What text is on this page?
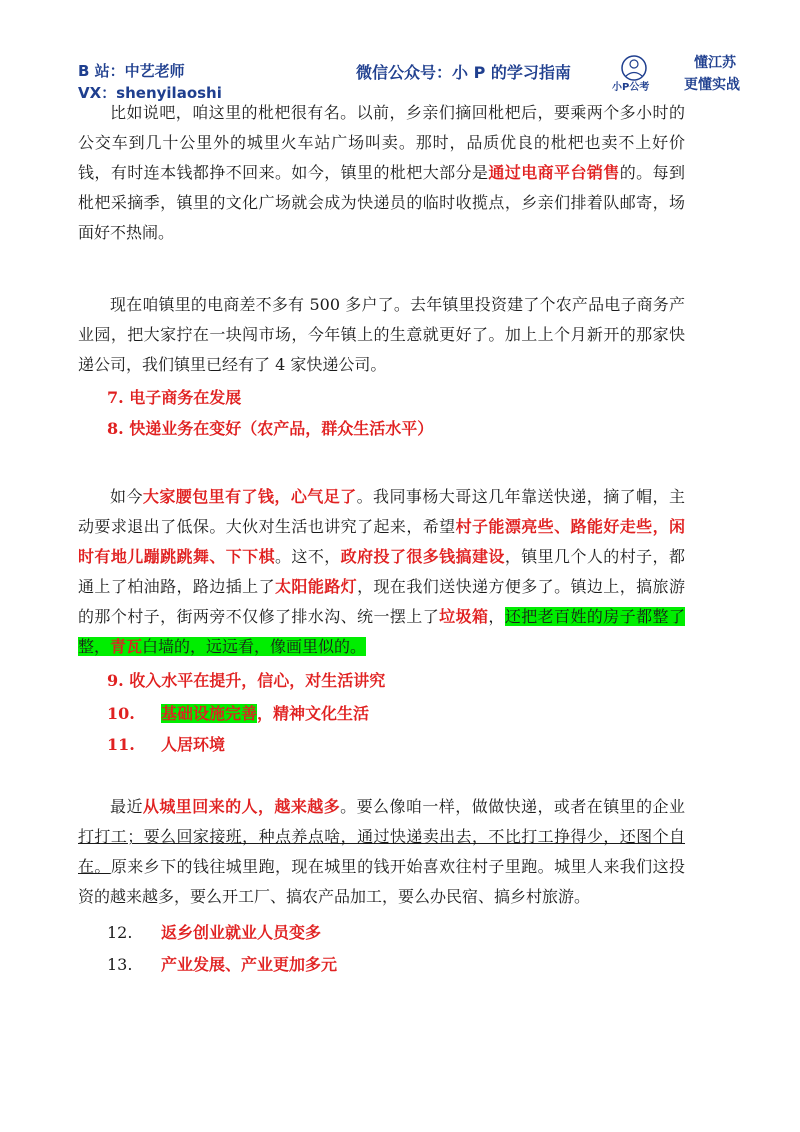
B 站：中艺老师
VX：shenyilaoshi
微信公众号：小 P 的学习指南
小P公考
懂江苏
更懂实战
比如说吧，咱这里的枇杷很有名。以前，乡亲们摘回枇杷后，要乘两个多小时的公交车到几十公里外的城里火车站广场叫卖。那时，品质优良的枇杷也卖不上好价钱，有时连本钱都挣不回来。如今，镇里的枇杷大部分是通过电商平台销售的。每到枇杷采摘季，镇里的文化广场就会成为快递员的临时收揽点，乡亲们排着队邮寄，场面好不热闹。
现在咱镇里的电商差不多有 500 多户了。去年镇里投资建了个农产品电子商务产业园，把大家拧在一块闯市场，今年镇上的生意就更好了。加上上个月新开的那家快递公司，我们镇里已经有了 4 家快递公司。
7. 电子商务在发展
8. 快递业务在变好（农产品，群众生活水平）
如今大家腰包里有了钱，心气足了。我同事杨大哥这几年靠送快递，摘了帽，主动要求退出了低保。大伙对生活也讲究了起来，希望村子能漂亮些、路能好走些，闲时有地儿蹦跳跳舞、下下棋。这不，政府投了很多钱搞建设，镇里几个人的村子，都通上了柏油路，路边插上了太阳能路灯，现在我们送快递方便多了。镇边上，搞旅游的那个村子，街两旁不仅修了排水沟、统一摆上了垃圾箱，还把老百姓的房子都整了整，青瓦白墙的，远远看，像画里似的。
9. 收入水平在提升，信心，对生活讲究
10.	基础设施完善，精神文化生活
11.	人居环境
最近从城里回来的人，越来越多。要么像咱一样，做做快递，或者在镇里的企业打打工；要么回家接班，种点养点啥，通过快递卖出去，不比打工挣得少，还图个自在。原来乡下的钱往城里跑，现在城里的钱开始喜欢往村子里跑。城里人来我们这投资的越来越多，要么开工厂、搞农产品加工，要么办民宿、搞乡村旅游。
12.	返乡创业就业人员变多
13.	产业发展、产业更加多元
